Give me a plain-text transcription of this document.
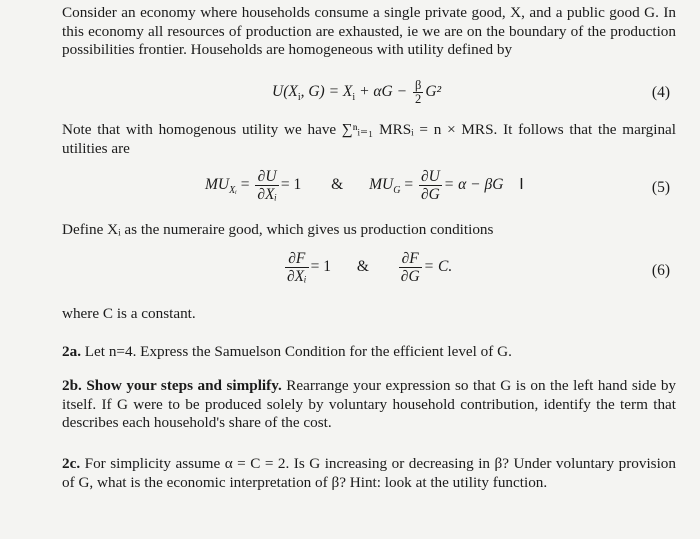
Consider an economy where households consume a single private good, X, and a public good G. In this economy all resources of production are exhausted, ie we are on the boundary of the production possibilities frontier. Households are homogeneous with utility defined by
$U(X_i$, $G) = X_i + \alpha G - \frac{\beta}{2} G^2$	(4)
Note that with homogenous utility we have ∑ⁿᵢ₌₁ MRSᵢ = n × MRS. It follows that the marginal utilities are
$MU_{Xᵢ} = \frac{\partial U}{\text{∂Xᵢ}} = 1$ & $MU_G = \frac{\partial U}{\partial G} = \alpha - \beta G$ I	(5)
Define Xᵢ as the numeraire good, which gives us production conditions
$\frac{\partial F}{\text{∂Xᵢ}} = 1$ & $\frac{\partial F}{\partial G} = C$.	(6)
where C is a constant.
2a. Let n=4. Express the Samuelson Condition for the efficient level of G.
2b. Show your steps and simplify. Rearrange your expression so that G is on the left hand side by itself. If G were to be produced solely by voluntary household contribution, identify the term that describes each household's share of the cost.
2c. For simplicity assume α = C = 2. Is G increasing or decreasing in β? Under voluntary provision of G, what is the economic interpretation of β? Hint: look at the utility function.
